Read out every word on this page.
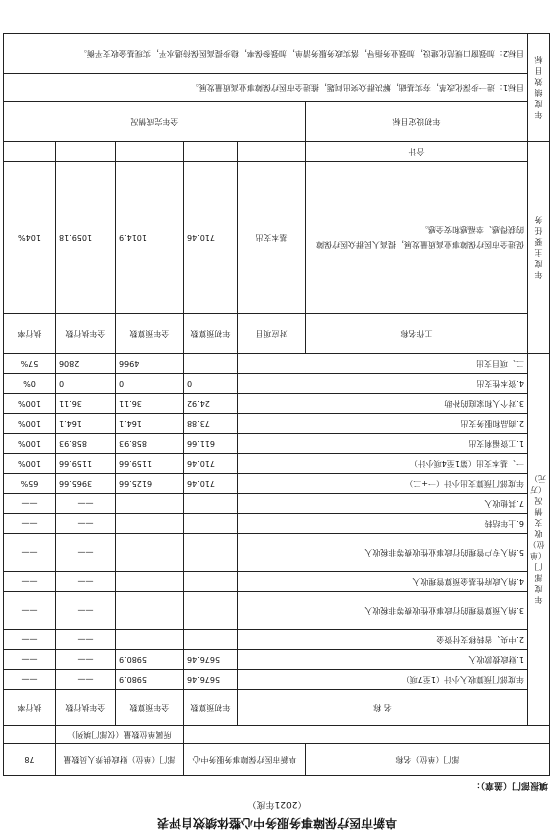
阜新市医疗保障事务服务中心整体绩效自评表
（2021年度）
填报部门（盖章）：
部门（单位）名称		阜新市医疗保障事务服务中心		部门（单位）财政供养人员数量		78
				所属单位数量（仅部门填列）		
年度部门（单位）收支情况（万元）	名 称		年初预算数	全年预算数	全年执行数	执行率
	年度部门预算收入小计（1至7项）		5676.46	5980.9	——	——
	1.财政拨款收入		5676.46	5980.9	——	——
	2.中央、省转移支付资金				——	——
	3.纳入预算管理的行政事业性收费等非税收入				——	——
	4.纳入政府性基金预算管理收入				——	——
	5.纳入专户管理的行政事业性收费等非税收入				——	——
	6.上年结转				——	——
	7.其他收入				——	——
	年度部门预算支出小计（一+二）		710.46	6125.66	3965.66	65%
	一、基本支出（第1至4项小计）		710.46	1159.66	1159.66	100%
	1.工资福利支出		611.66	858.93	858.93	100%
	2.商品和服务支出		73.88	164.1	164.1	100%
	3.对个人和家庭的补助		24.92	36.11	36.11	100%
	4.资本性支出		0	0	0	0%
	二、项目支出			4966	2806	57%
年度主要任务	工作名称	对应项目	年初预算数	全年预算数	全年执行数	执行率
	促进全市医疗保障事业高质量发展，提高人民群众医疗保障的获得感、幸福感和安全感。	基本支出	710.46	1014.9	1059.18	104%
	合计					
年度绩效目标	年初设定目标	全年完成情况				
	目标1：进一步深化改革，夯实基础，解决群众突出问题，推进全市医疗保障事业高质量发展。					
	目标2：加强窗口规范化建设，加强业务指导，落实政务服务清单，加强参保率，稳步提高医保待遇水平，实现基金收支平衡。					
